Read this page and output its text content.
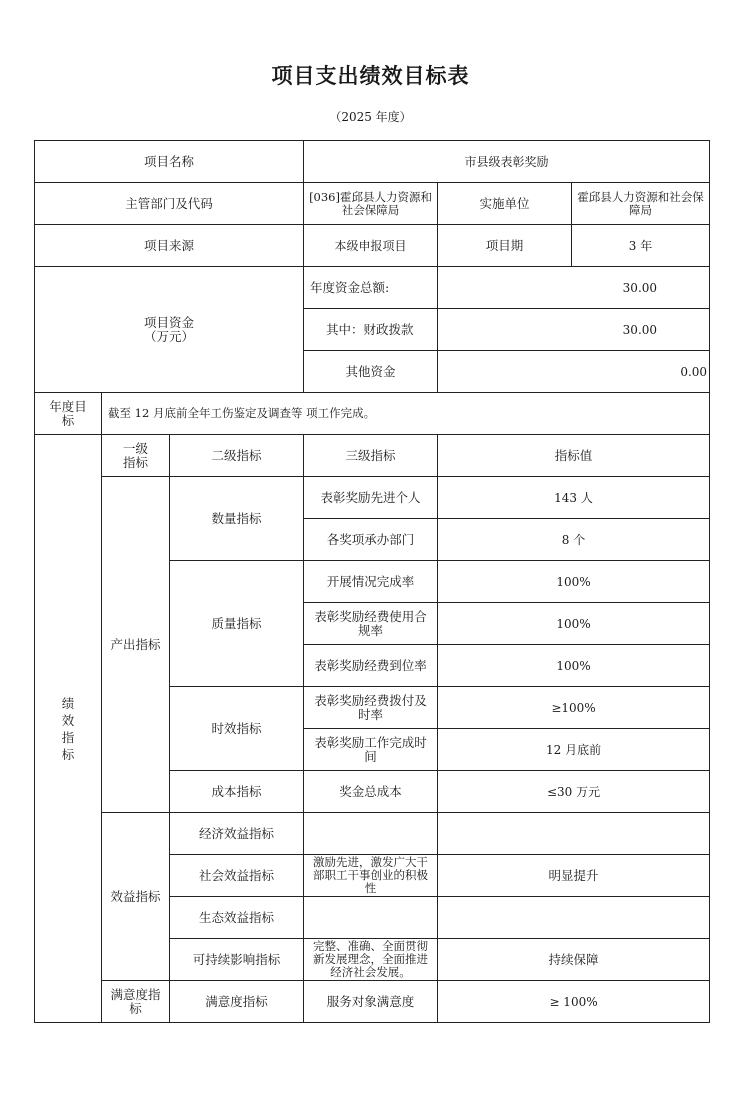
项目支出绩效目标表
（2025 年度）
项目名称			市县级表彰奖励		
主管部门及代码			[036]霍邱县人力资源和社会保障局	实施单位	霍邱县人力资源和社会保障局
项目来源			本级申报项目	项目期	3 年

项目资金
（万元）			年度资金总额:	30.00	
			其中：财政拨款	30.00	
			其他资金	0.00	
年度目标	截至 12 月底前全年工伤鉴定及调查等 项工作完成。				
绩效指标	一级指标	二级指标	三级指标	指标值	
	产出指标	数量指标	表彰奖励先进个人	143 人	
			各奖项承办部门	8 个	
		质量指标	开展情况完成率	100%	
			表彰奖励经费使用合规率	100%	
			表彰奖励经费到位率	100%	
		时效指标	表彰奖励经费拨付及时率	≥100%	
			表彰奖励工作完成时间	12 月底前	
		成本指标	奖金总成本	≤30 万元	
	效益指标	经济效益指标			
		社会效益指标	激励先进，激发广大干部职工干事创业的积极性	明显提升	
		生态效益指标			
		可持续影响指标	完整、准确、全面贯彻新发展理念，全面推进经济社会发展。	持续保障	
	满意度指标	满意度指标	服务对象满意度	≥ 100%	
